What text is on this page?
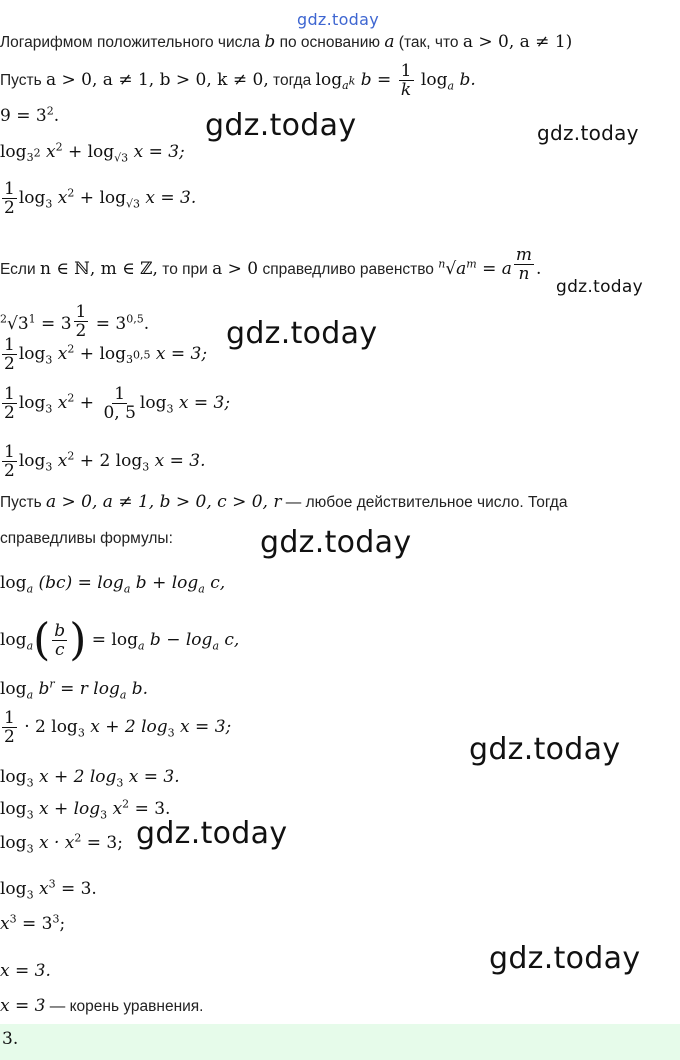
gdz.today
Логарифмом положительного числа b по основанию a (так, что a > 0, a ≠ 1)
Пусть a > 0, a ≠ 1, b > 0, k ≠ 0, тогда $\log_{a^k} b = \frac{1}{k} \log_a b$.
$9 = 3^2$.	gdz.today	gdz.today
$\log_{3^2} x^2 + \log_{√3} x = 3$;
$\frac{1}{2} \log_3 x^2 + \log_{√3} x = 3$.
Если n ∈ ℕ, m ∈ ℤ, то при a > 0 справедливо равенство $^n√a^m = a \frac{m}{n}$ .
gdz.today
$^2√3^1 = 3 \frac{1}{2} = 3^{0,5}$.	gdz.today
$\frac{1}{2} \log_3 x^2 + \log_{3^{0,5}} x = 3$;
$\frac{1}{2} \log_3 x^2 + \frac{1}{0, 5} \log_3 x = 3$;
$\frac{1}{2} \log_3 x^2 + 2$ $\log_3 x = 3$.
Пусть a > 0, a ≠ 1, b > 0, c > 0, r — любое действительное число. Тогда
справедливы формулы:	gdz.today
$\log_a (bc) = \log_a b + \log_a c$,
$\log_a( \frac{b}{c}$ ) = $\log_a b - \log_a c$,
$\log_a b^r = r$ $\log_a b$.
$\frac{1}{2} \cdot 2$ $\log_3 x + 2$ $\log_3 x = 3$;
gdz.today
$\log_3 x + 2$ $\log_3 x = 3$.
$\log_3 x + \log_3 x^2 = 3$.
$\log_3 x \cdot x^2 = 3$; gdz.today
$\log_3 x^3 = 3$.
$x^3 = 3^3$;
gdz.today
x = 3.
x = 3 — корень уравнения.
3.
